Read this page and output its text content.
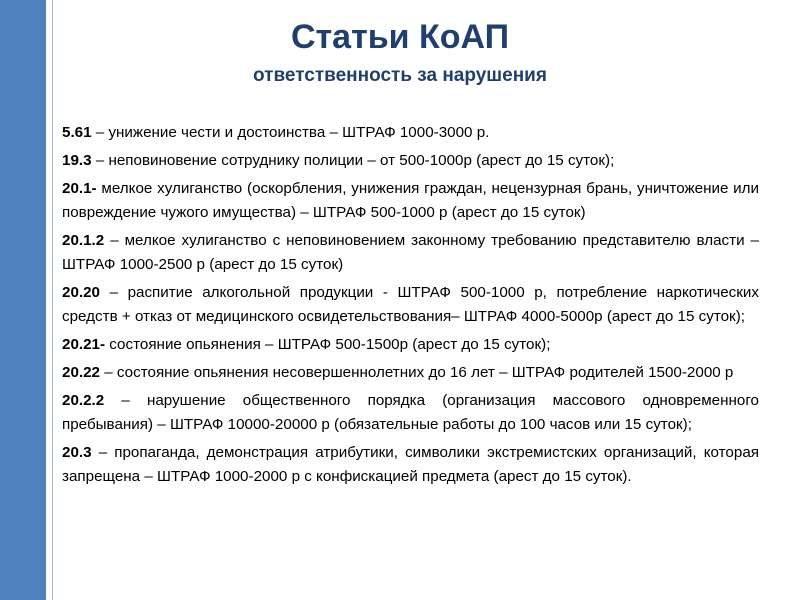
Статьи КоАП
ответственность за нарушения

5.61 – унижение чести и достоинства – ШТРАФ 1000-3000 р.

19.3 – неповиновение сотруднику полиции – от 500-1000р (арест до 15 суток);

20.1- мелкое хулиганство (оскорбления, унижения граждан, нецензурная брань, уничтожение или повреждение чужого имущества) – ШТРАФ 500-1000 р (арест до 15 суток)

20.1.2 – мелкое хулиганство с неповиновением законному требованию представителю власти – ШТРАФ 1000-2500 р (арест до 15 суток)

20.20 – распитие алкогольной продукции - ШТРАФ 500-1000 р, потребление наркотических средств + отказ от медицинского освидетельствования– ШТРАФ 4000-5000р (арест до 15 суток);

20.21- состояние опьянения – ШТРАФ 500-1500р (арест до 15 суток);

20.22 – состояние опьянения несовершеннолетних до 16 лет – ШТРАФ родителей 1500-2000 р

20.2.2 – нарушение общественного порядка (организация массового одновременного пребывания) – ШТРАФ 10000-20000 р (обязательные работы до 100 часов или 15 суток);

20.3 – пропаганда, демонстрация атрибутики, символики экстремистских организаций, которая запрещена – ШТРАФ 1000-2000 р с конфискацией предмета (арест до 15 суток).
